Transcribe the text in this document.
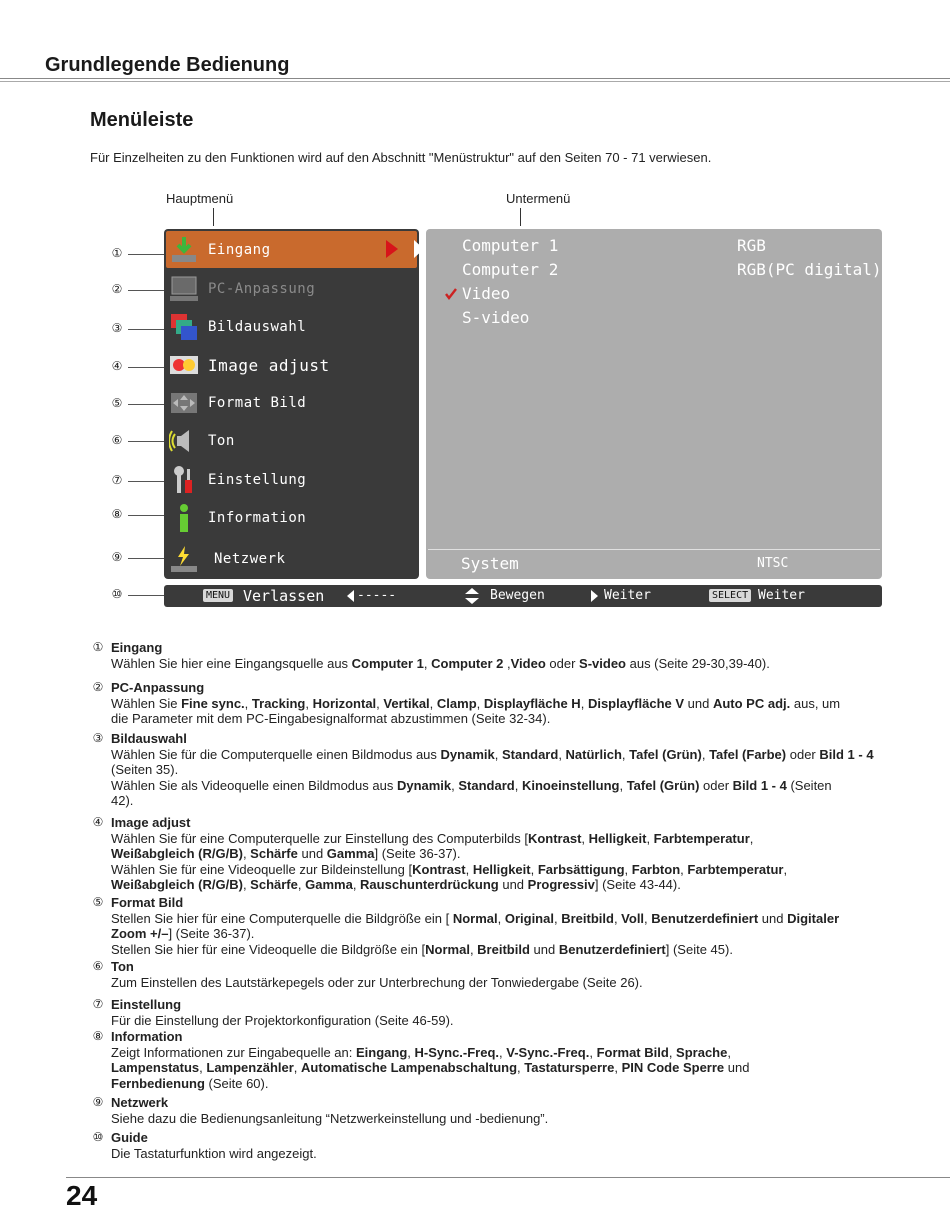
Grundlegende Bedienung
Menüleiste
Für Einzelheiten zu den Funktionen wird auf den Abschnitt "Menüstruktur" auf den Seiten 70 - 71 verwiesen.
Hauptmenü	Untermenü
①
②
③
④
⑤
⑥
⑦
⑧
⑨
⑩
Eingang
PC-Anpassung
Bildauswahl
Image adjust
Format Bild
Ton
Einstellung
Information
Netzwerk
Computer 1	RGB
Computer 2	RGB(PC digital)
Video
S-video
System	NTSC
MENU Verlassen	-----	Bewegen	Weiter	SELECT Weiter
① Eingang
Wählen Sie hier eine Eingangsquelle aus Computer 1, Computer 2 ,Video oder S-video aus (Seite 29-30,39-40).
② PC-Anpassung
Wählen Sie Fine sync., Tracking, Horizontal, Vertikal, Clamp, Displayfläche H, Displayfläche V und Auto PC adj. aus, um die Parameter mit dem PC-Eingabesignalformat abzustimmen (Seite 32-34).
③ Bildauswahl
Wählen Sie für die Computerquelle einen Bildmodus aus Dynamik, Standard, Natürlich, Tafel (Grün), Tafel (Farbe) oder Bild 1 - 4 (Seiten 35).
Wählen Sie als Videoquelle einen Bildmodus aus Dynamik, Standard, Kinoeinstellung, Tafel (Grün) oder Bild 1 - 4 (Seiten 42).
④ Image adjust
Wählen Sie für eine Computerquelle zur Einstellung des Computerbilds [Kontrast, Helligkeit, Farbtemperatur, Weißabgleich (R/G/B), Schärfe und Gamma] (Seite 36-37).
Wählen Sie für eine Videoquelle zur Bildeinstellung [Kontrast, Helligkeit, Farbsättigung, Farbton, Farbtemperatur, Weißabgleich (R/G/B), Schärfe, Gamma, Rauschunterdrückung und Progressiv] (Seite 43-44).
⑤ Format Bild
Stellen Sie hier für eine Computerquelle die Bildgröße ein [ Normal, Original, Breitbild, Voll, Benutzerdefiniert und Digitaler Zoom +/–] (Seite 36-37).
Stellen Sie hier für eine Videoquelle die Bildgröße ein [Normal, Breitbild und Benutzerdefiniert] (Seite 45).
⑥ Ton
Zum Einstellen des Lautstärkepegels oder zur Unterbrechung der Tonwiedergabe (Seite 26).
⑦ Einstellung
Für die Einstellung der Projektorkonfiguration (Seite 46-59).
⑧ Information
Zeigt Informationen zur Eingabequelle an: Eingang, H-Sync.-Freq., V-Sync.-Freq., Format Bild, Sprache, Lampenstatus, Lampenzähler, Automatische Lampenabschaltung, Tastatursperre, PIN Code Sperre und Fernbedienung (Seite 60).
⑨ Netzwerk
Siehe dazu die Bedienungsanleitung “Netzwerkeinstellung und -bedienung”.
⑩ Guide
Die Tastaturfunktion wird angezeigt.
24
